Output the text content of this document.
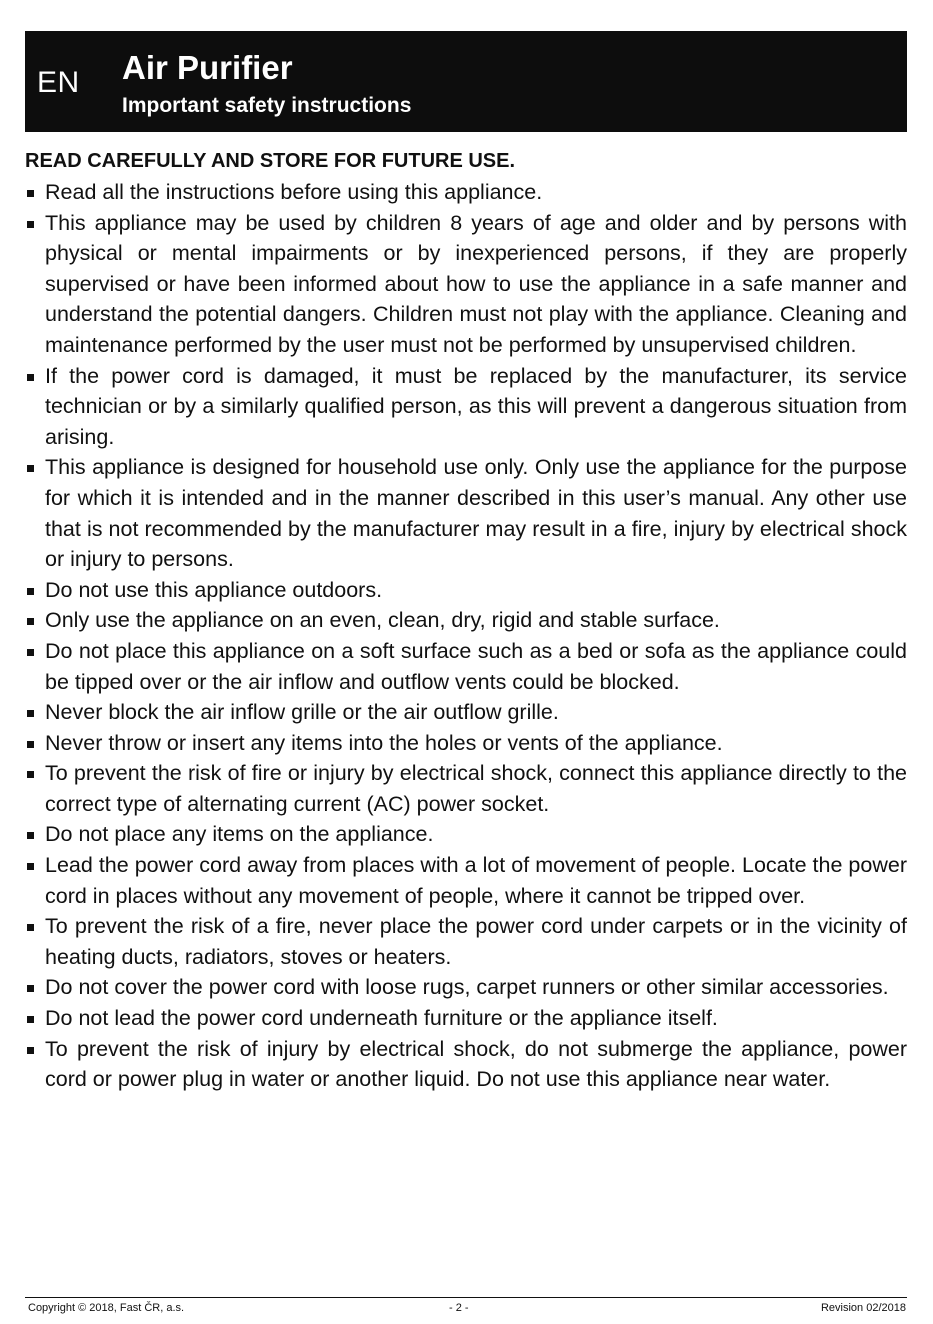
EN Air Purifier
Important safety instructions

READ CAREFULLY AND STORE FOR FUTURE USE.

Read all the instructions before using this appliance.
This appliance may be used by children 8 years of age and older and by persons with physical or mental impairments or by inexperienced persons, if they are properly supervised or have been informed about how to use the appliance in a safe manner and understand the potential dangers. Children must not play with the appliance. Cleaning and maintenance performed by the user must not be performed by unsupervised children.
If the power cord is damaged, it must be replaced by the manufacturer, its service technician or by a similarly qualified person, as this will prevent a dangerous situation from arising.
This appliance is designed for household use only. Only use the appliance for the purpose for which it is intended and in the manner described in this user’s manual. Any other use that is not recommended by the manufacturer may result in a fire, injury by electrical shock or injury to persons.
Do not use this appliance outdoors.
Only use the appliance on an even, clean, dry, rigid and stable surface.
Do not place this appliance on a soft surface such as a bed or sofa as the appliance could be tipped over or the air inflow and outflow vents could be blocked.
Never block the air inflow grille or the air outflow grille.
Never throw or insert any items into the holes or vents of the appliance.
To prevent the risk of fire or injury by electrical shock, connect this appliance directly to the correct type of alternating current (AC) power socket.
Do not place any items on the appliance.
Lead the power cord away from places with a lot of movement of people. Locate the power cord in places without any movement of people, where it cannot be tripped over.
To prevent the risk of a fire, never place the power cord under carpets or in the vicinity of heating ducts, radiators, stoves or heaters.
Do not cover the power cord with loose rugs, carpet runners or other similar accessories.
Do not lead the power cord underneath furniture or the appliance itself.
To prevent the risk of injury by electrical shock, do not submerge the appliance, power cord or power plug in water or another liquid. Do not use this appliance near water.
Copyright © 2018, Fast ČR, a.s.	- 2 -	Revision 02/2018
